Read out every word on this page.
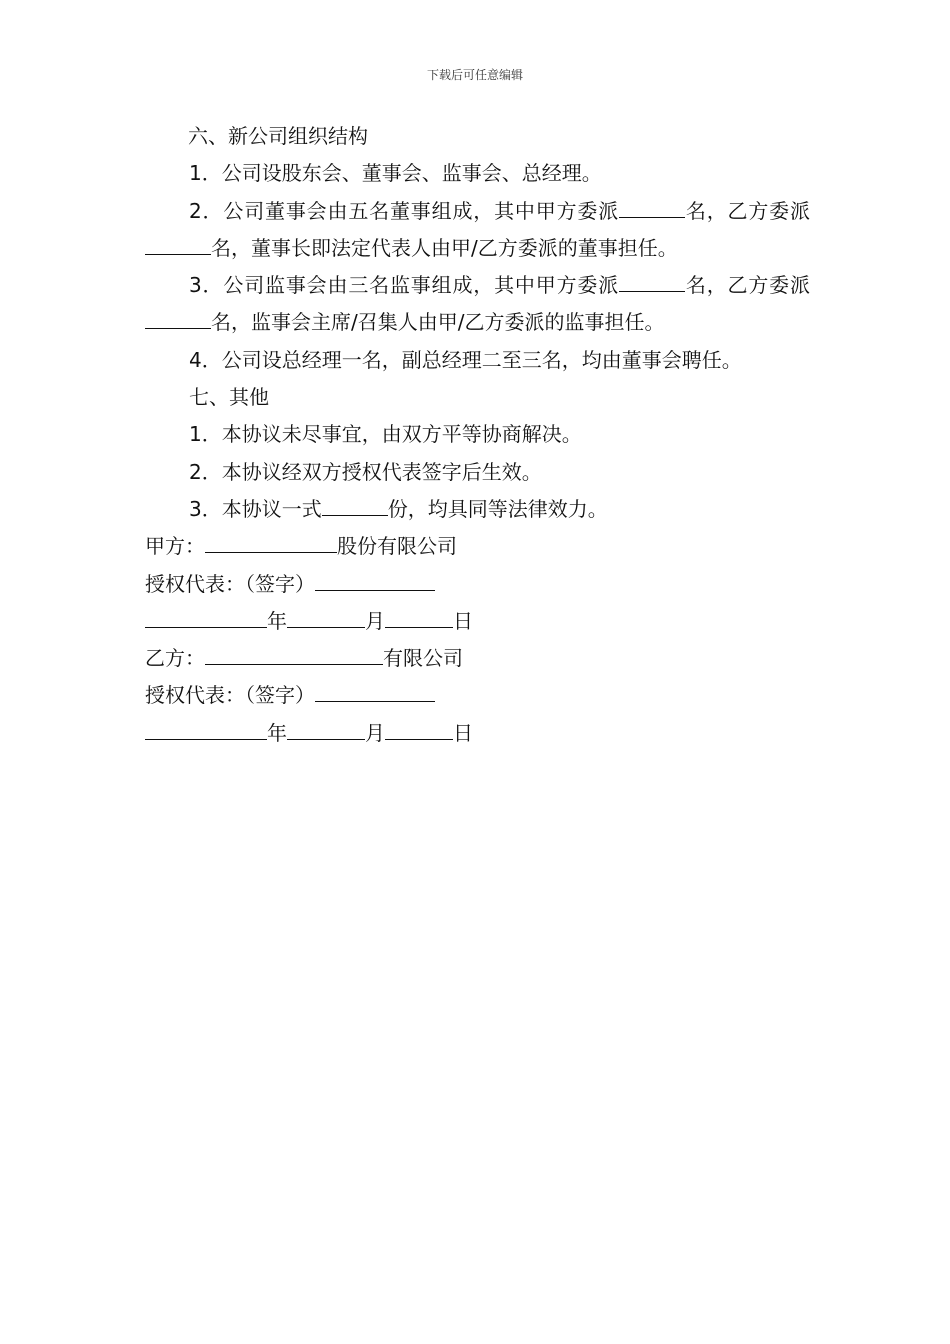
下载后可任意编辑
六、新公司组织结构
1．公司设股东会、董事会、监事会、总经理。
2．公司董事会由五名董事组成，其中甲方委派	名，乙方委派名，董事长即法定代表人由甲/乙方委派的董事担任。
3．公司监事会由三名监事组成，其中甲方委派	名，乙方委派名，监事会主席/召集人由甲/乙方委派的监事担任。
4．公司设总经理一名，副总经理二至三名，均由董事会聘任。
七、其他
1．本协议未尽事宜，由双方平等协商解决。
2．本协议经双方授权代表签字后生效。
3．本协议一式	份，均具同等法律效力。
甲方：	股份有限公司
授权代表：（签字）
年	月	日
乙方：	有限公司
授权代表：（签字）
年	月	日
